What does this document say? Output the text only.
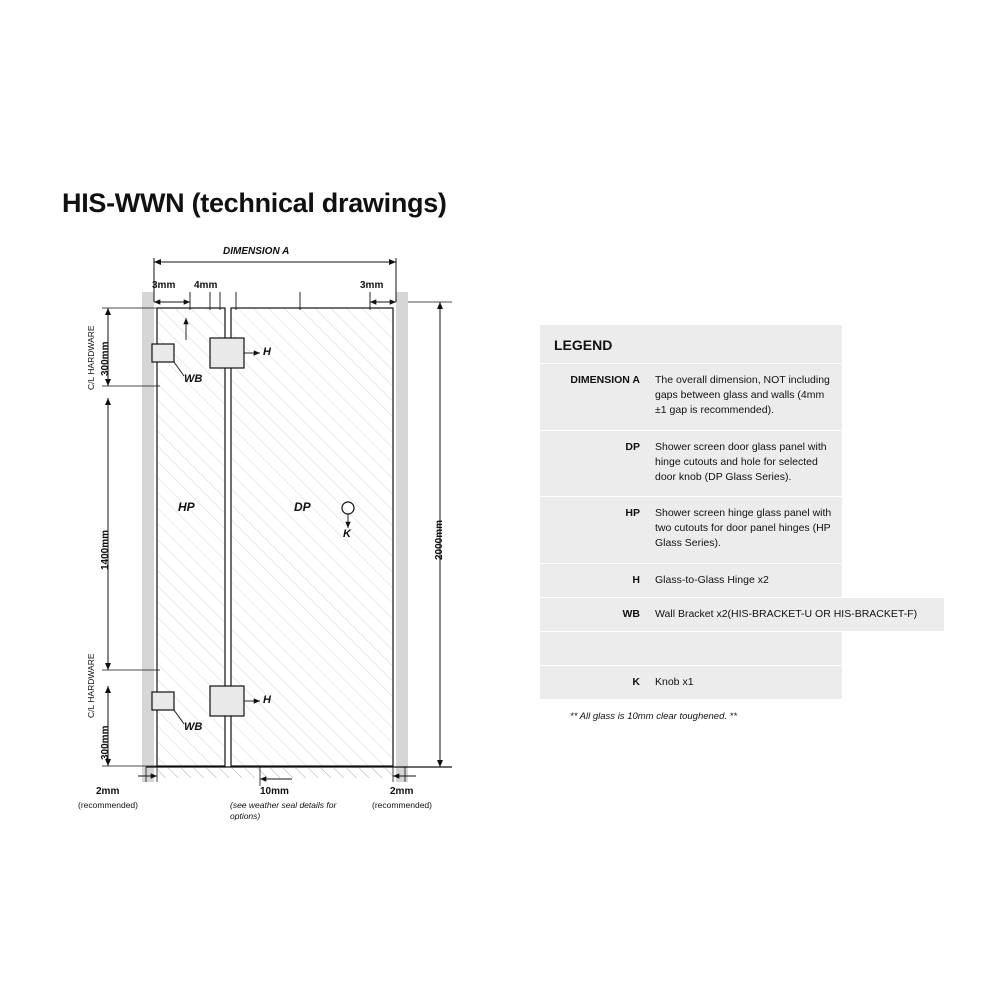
HIS-WWN (technical drawings)
DIMENSION A
3mm 4mm	3mm
300mm
C/L HARDWARE
1400mm
300mm
C/L HARDWARE
2000mm
HP	DP
WB
WB
H
H
K
2mm
(recommended)
10mm
(see weather seal details for options)
2mm
(recommended)
LEGEND
DIMENSION A	The overall dimension, NOT including gaps between glass and walls (4mm ±1 gap is recommended).
DP	Shower screen door glass panel with hinge cutouts and hole for selected door knob (DP Glass Series).
HP	Shower screen hinge glass panel with two cutouts for door panel hinges (HP Glass Series).
H	Glass-to-Glass Hinge x2
WB	Wall Bracket x2(HIS-BRACKET-U OR HIS-BRACKET-F)

K	Knob x1
** All glass is 10mm clear toughened. **
